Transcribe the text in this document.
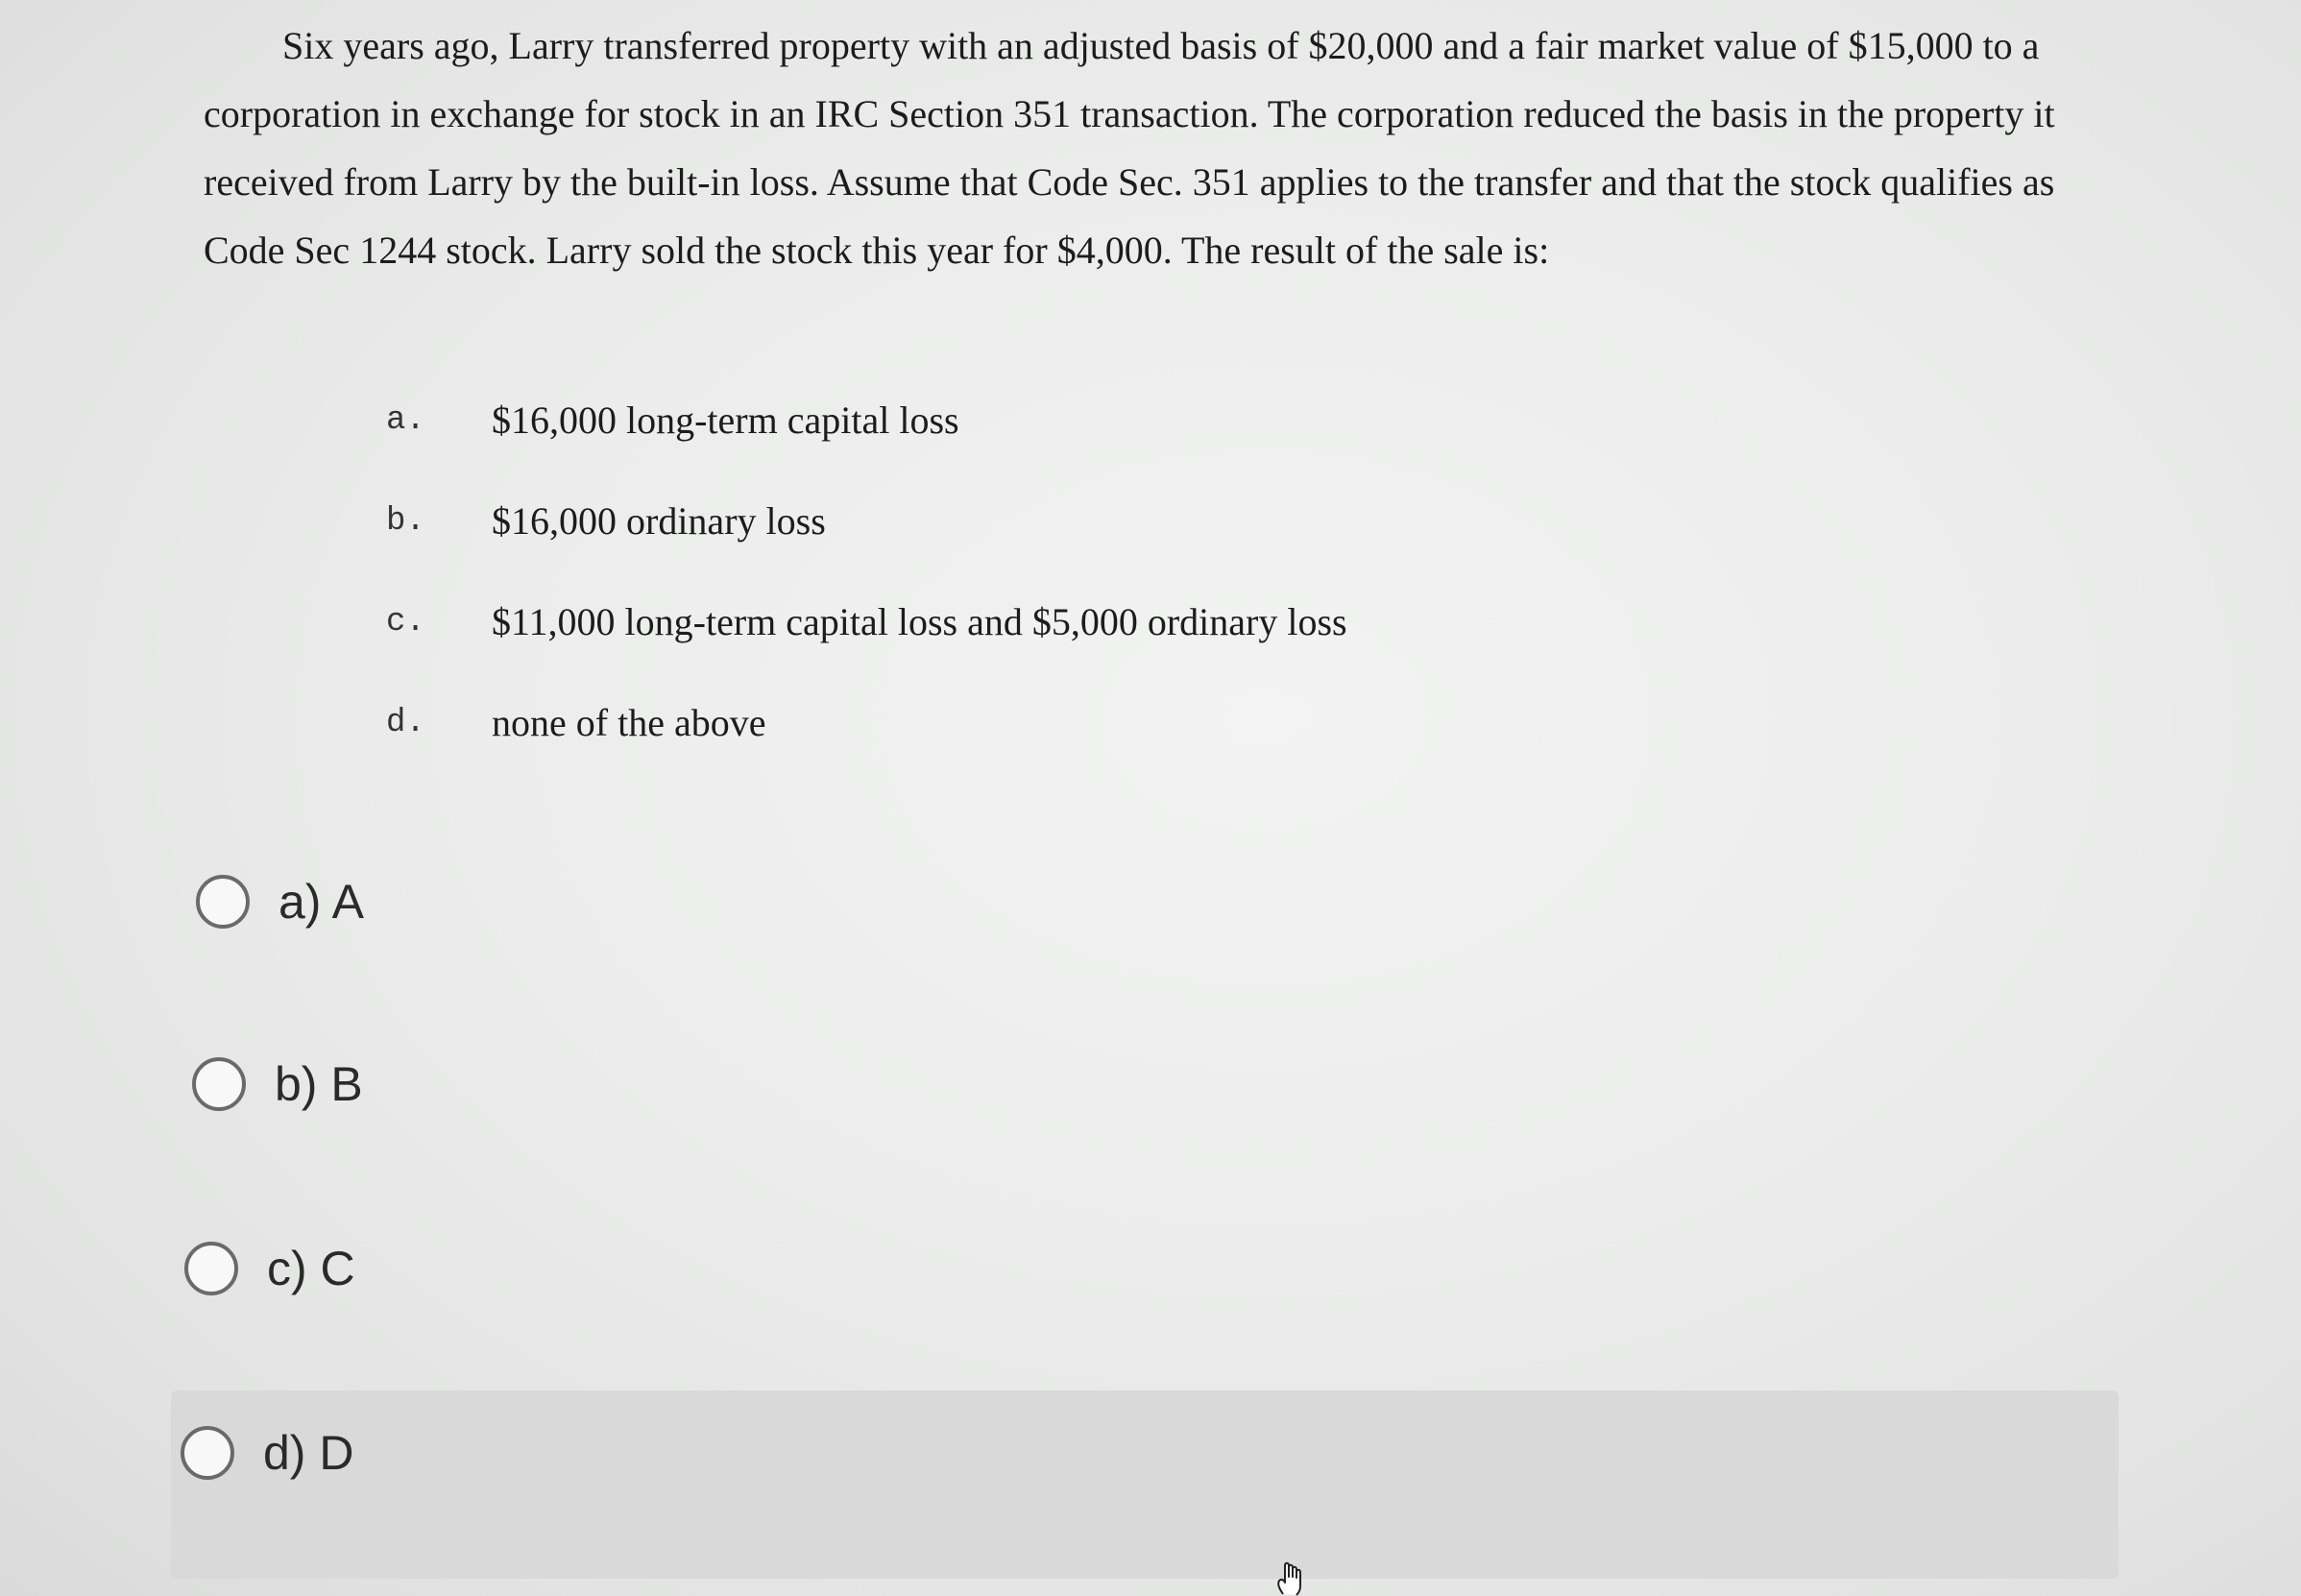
Six years ago, Larry transferred property with an adjusted basis of $20,000 and a fair market value of $15,000 to a corporation in exchange for stock in an IRC Section 351 transaction. The corporation reduced the basis in the property it received from Larry by the built-in loss. Assume that Code Sec. 351 applies to the transfer and that the stock qualifies as Code Sec 1244 stock. Larry sold the stock this year for $4,000. The result of the sale is:

a.	$16,000 long-term capital loss
b.	$16,000 ordinary loss
c.	$11,000 long-term capital loss and $5,000 ordinary loss
d.	none of the above
a) A
b) B
c) C
d) D
